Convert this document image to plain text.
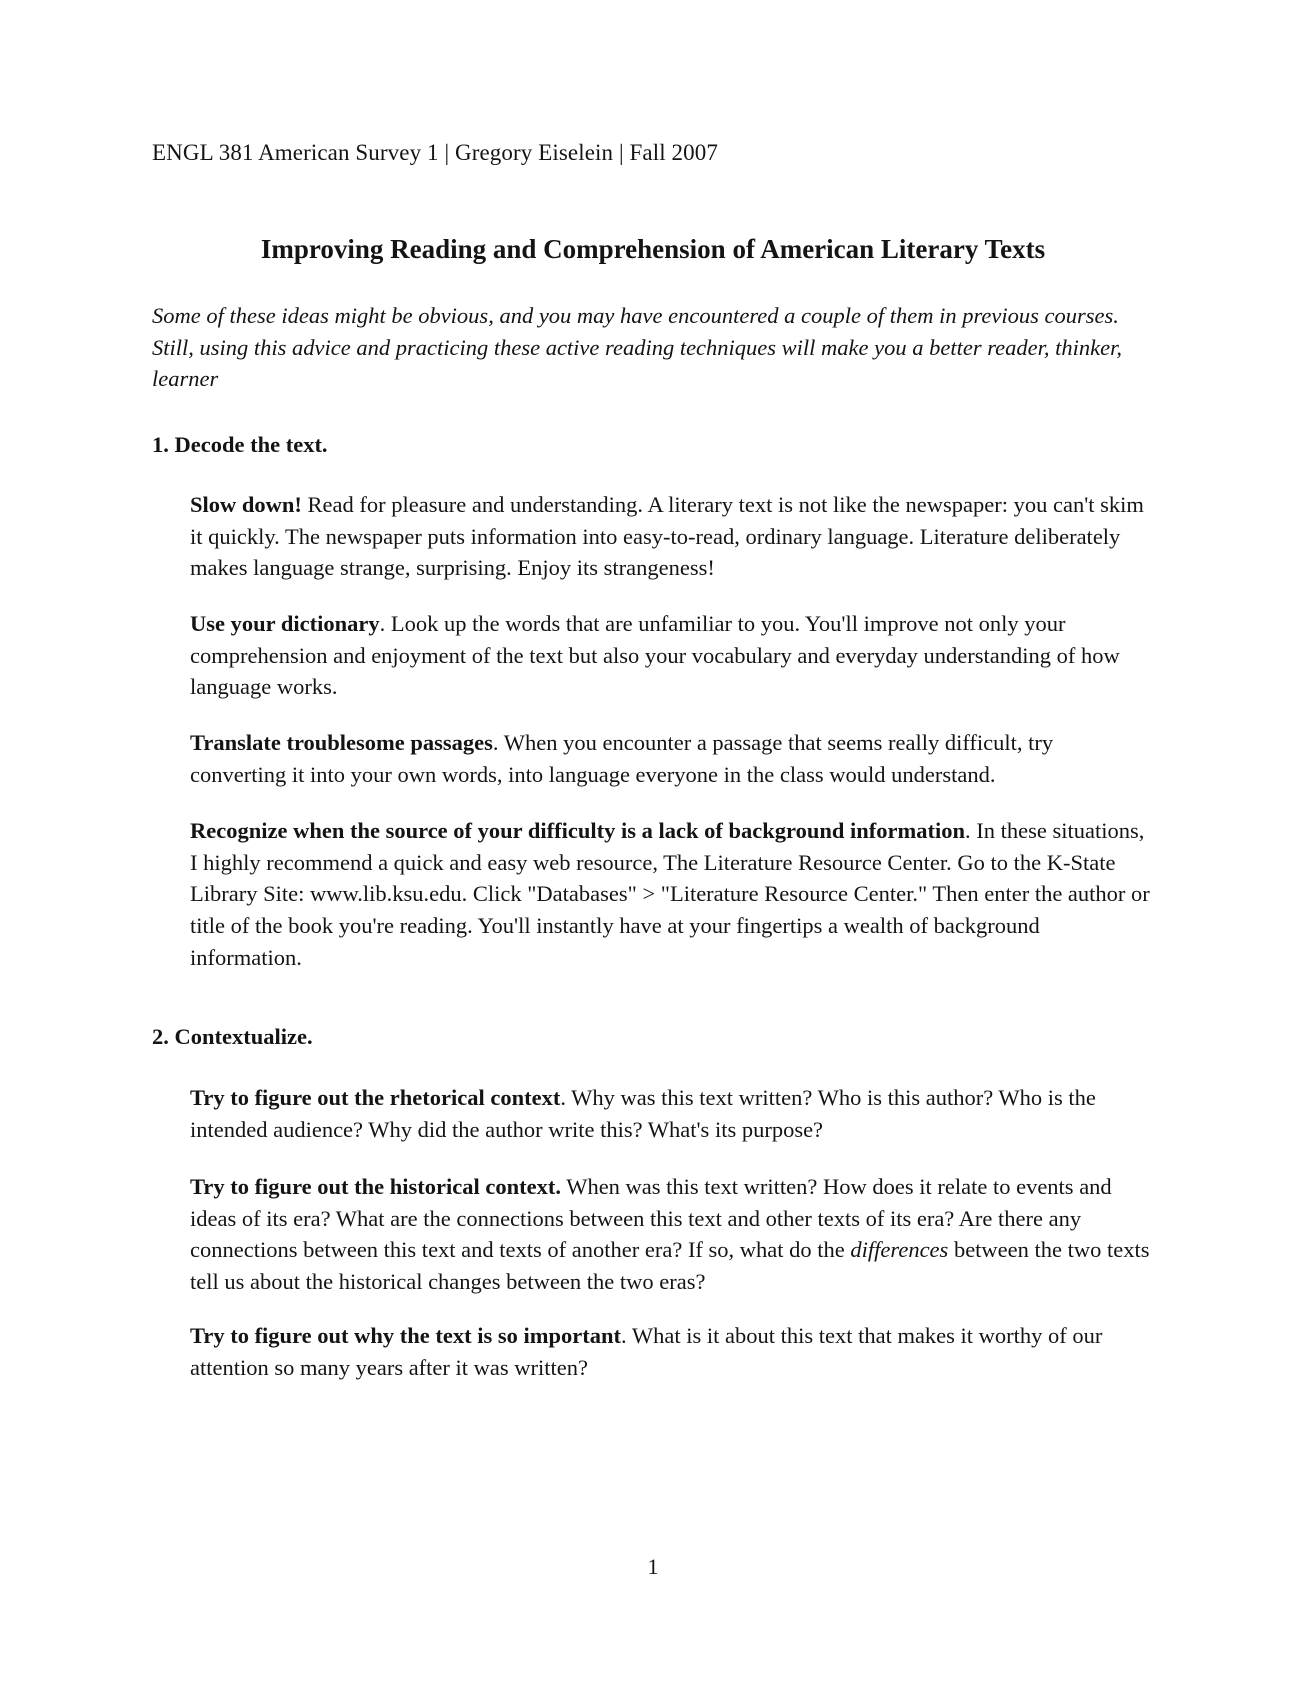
ENGL 381 American Survey 1 | Gregory Eiselein | Fall 2007
Improving Reading and Comprehension of American Literary Texts
Some of these ideas might be obvious, and you may have encountered a couple of them in previous courses. Still, using this advice and practicing these active reading techniques will make you a better reader, thinker, learner
1. Decode the text.
Slow down! Read for pleasure and understanding. A literary text is not like the newspaper: you can't skim it quickly. The newspaper puts information into easy-to-read, ordinary language. Literature deliberately makes language strange, surprising. Enjoy its strangeness!
Use your dictionary. Look up the words that are unfamiliar to you. You'll improve not only your comprehension and enjoyment of the text but also your vocabulary and everyday understanding of how language works.
Translate troublesome passages. When you encounter a passage that seems really difficult, try converting it into your own words, into language everyone in the class would understand.
Recognize when the source of your difficulty is a lack of background information. In these situations, I highly recommend a quick and easy web resource, The Literature Resource Center. Go to the K-State Library Site: www.lib.ksu.edu. Click "Databases" > "Literature Resource Center." Then enter the author or title of the book you're reading. You'll instantly have at your fingertips a wealth of background information.
2. Contextualize.
Try to figure out the rhetorical context. Why was this text written? Who is this author? Who is the intended audience? Why did the author write this? What's its purpose?
Try to figure out the historical context. When was this text written? How does it relate to events and ideas of its era? What are the connections between this text and other texts of its era? Are there any connections between this text and texts of another era? If so, what do the differences between the two texts tell us about the historical changes between the two eras?
Try to figure out why the text is so important. What is it about this text that makes it worthy of our attention so many years after it was written?
1
